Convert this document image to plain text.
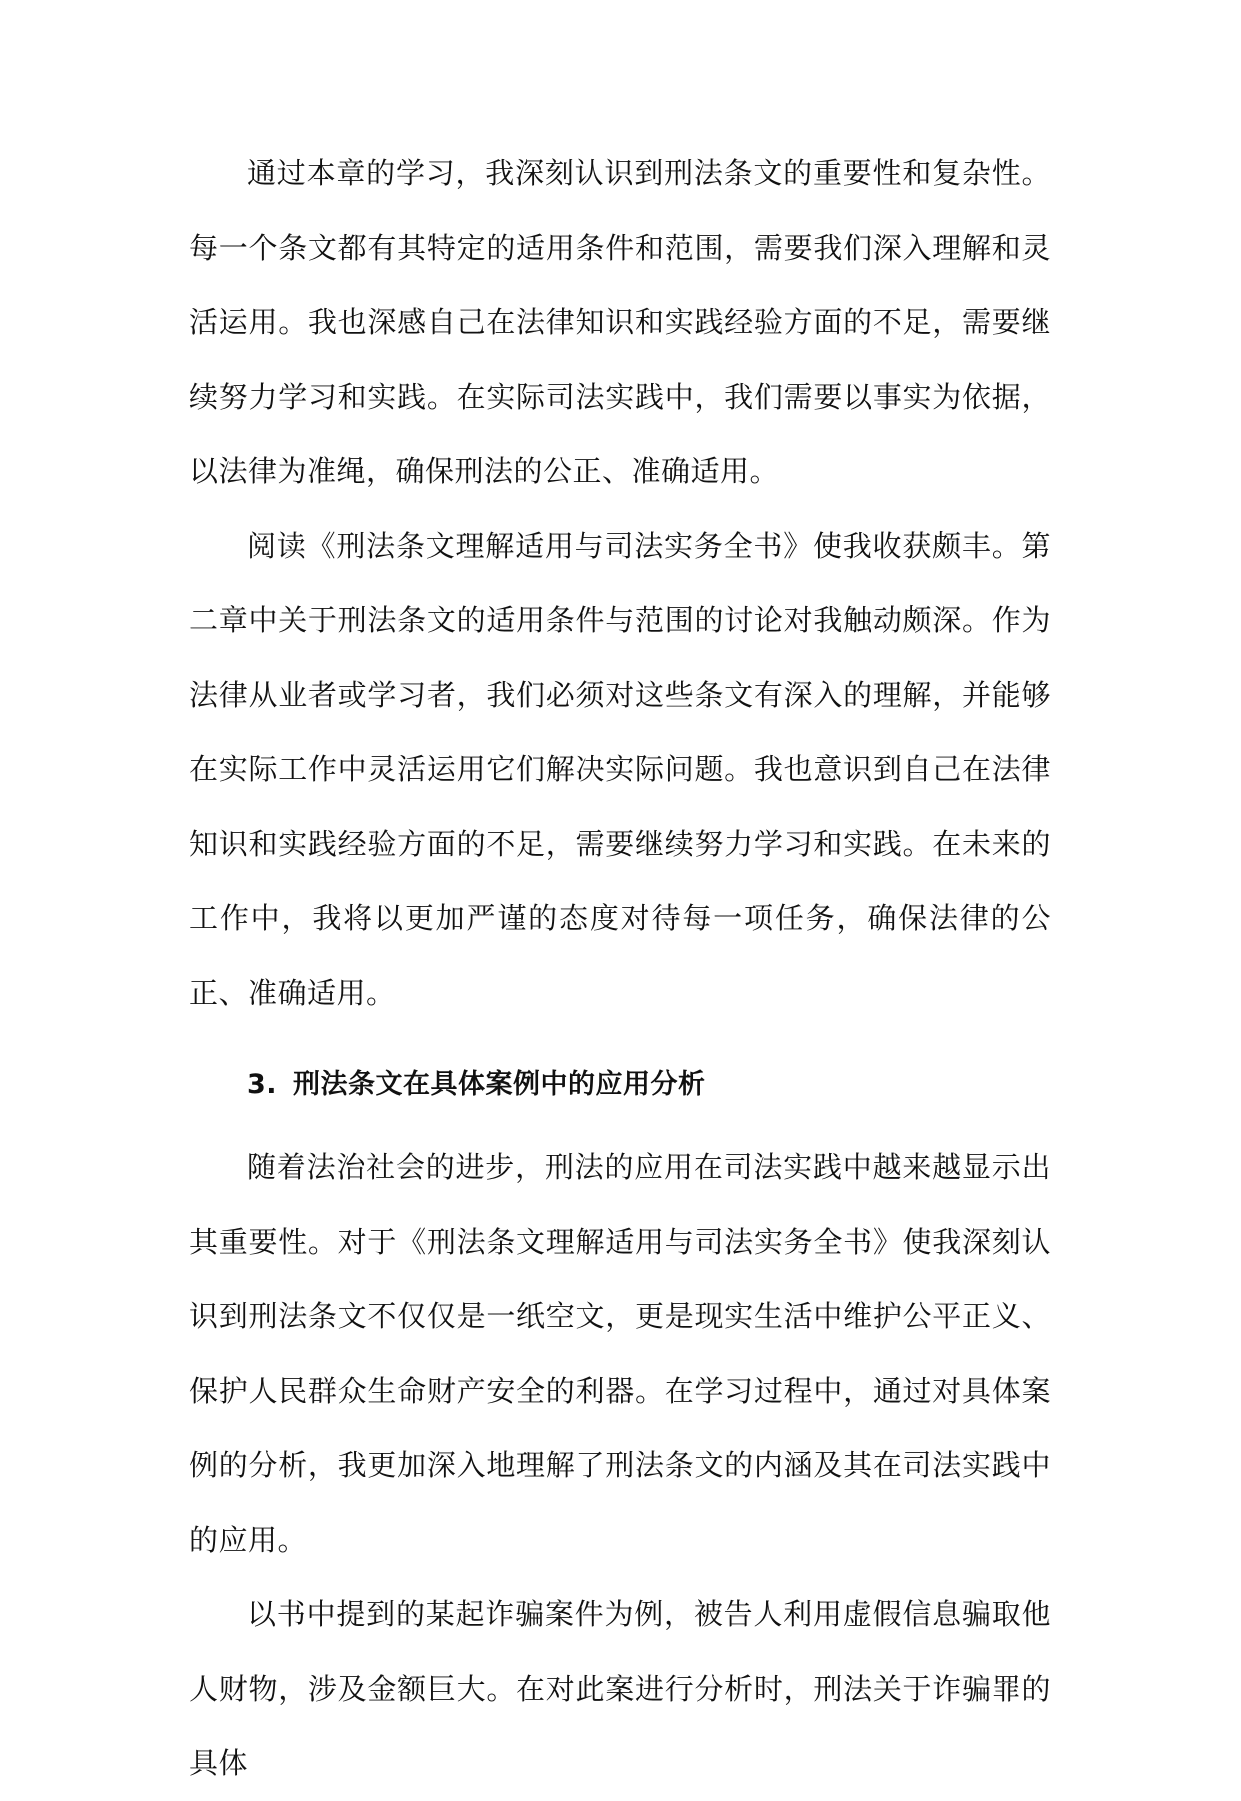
通过本章的学习，我深刻认识到刑法条文的重要性和复杂性。每一个条文都有其特定的适用条件和范围，需要我们深入理解和灵活运用。我也深感自己在法律知识和实践经验方面的不足，需要继续努力学习和实践。在实际司法实践中，我们需要以事实为依据，以法律为准绳，确保刑法的公正、准确适用。

阅读《刑法条文理解适用与司法实务全书》使我收获颇丰。第二章中关于刑法条文的适用条件与范围的讨论对我触动颇深。作为法律从业者或学习者，我们必须对这些条文有深入的理解，并能够在实际工作中灵活运用它们解决实际问题。我也意识到自己在法律知识和实践经验方面的不足，需要继续努力学习和实践。在未来的工作中，我将以更加严谨的态度对待每一项任务，确保法律的公正、准确适用。

3. 刑法条文在具体案例中的应用分析

随着法治社会的进步，刑法的应用在司法实践中越来越显示出其重要性。对于《刑法条文理解适用与司法实务全书》使我深刻认识到刑法条文不仅仅是一纸空文，更是现实生活中维护公平正义、保护人民群众生命财产安全的利器。在学习过程中，通过对具体案例的分析，我更加深入地理解了刑法条文的内涵及其在司法实践中的应用。

以书中提到的某起诈骗案件为例，被告人利用虚假信息骗取他人财物，涉及金额巨大。在对此案进行分析时，刑法关于诈骗罪的具体
